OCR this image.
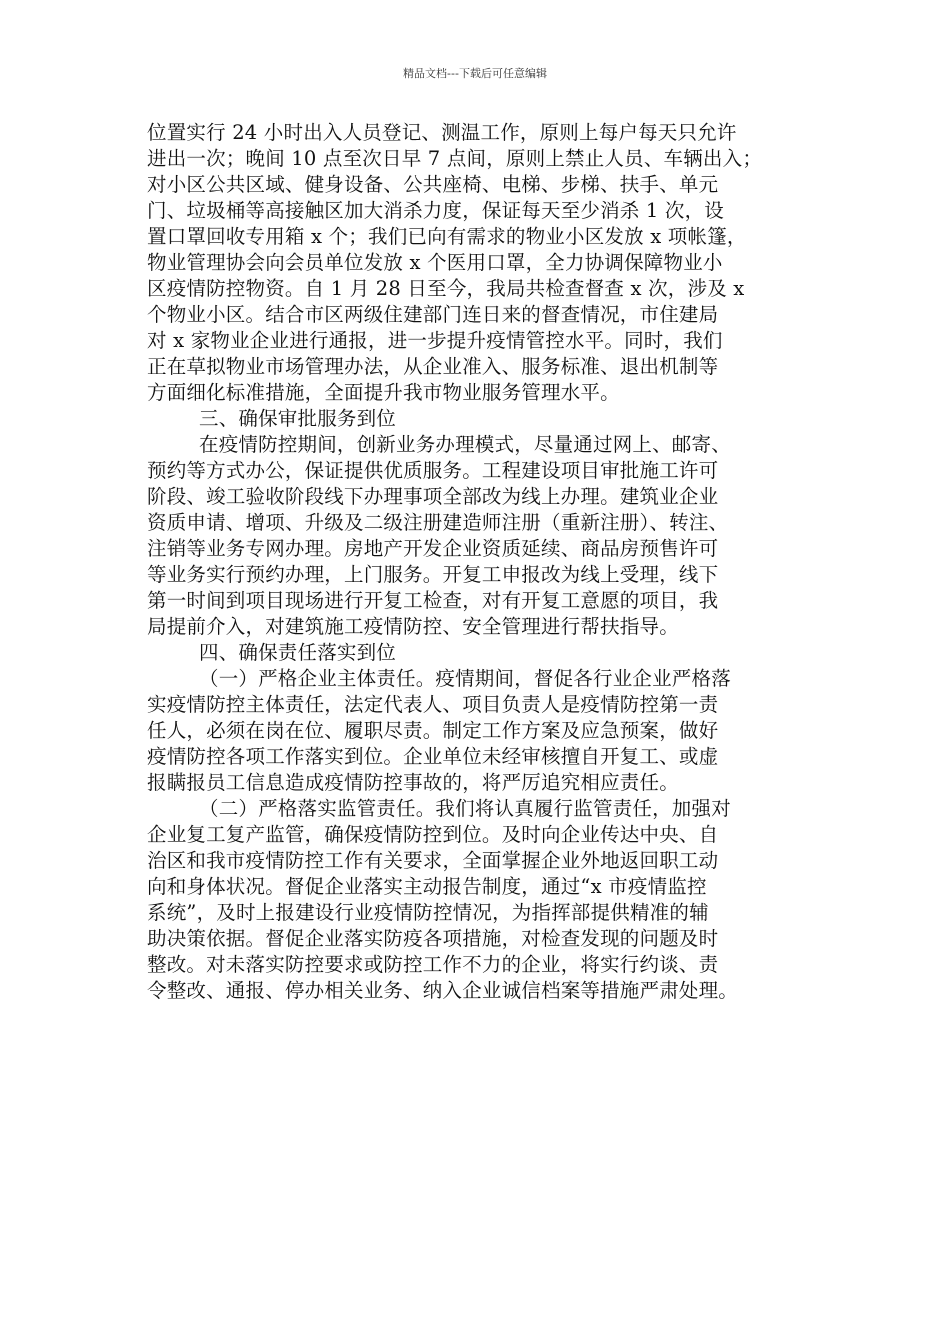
精品文档---下载后可任意编辑
位置实行 24 小时出入人员登记、测温工作，原则上每户每天只允许
进出一次；晚间 10 点至次日早 7 点间，原则上禁止人员、车辆出入；
对小区公共区域、健身设备、公共座椅、电梯、步梯、扶手、单元
门、垃圾桶等高接触区加大消杀力度，保证每天至少消杀 1 次，设
置口罩回收专用箱 x 个；我们已向有需求的物业小区发放 x 项帐篷，
物业管理协会向会员单位发放 x 个医用口罩，全力协调保障物业小
区疫情防控物资。自 1 月 28 日至今，我局共检查督查 x 次，涉及 x
个物业小区。结合市区两级住建部门连日来的督查情况，市住建局
对 x 家物业企业进行通报，进一步提升疫情管控水平。同时，我们
正在草拟物业市场管理办法，从企业准入、服务标准、退出机制等
方面细化标准措施，全面提升我市物业服务管理水平。
三、确保审批服务到位
在疫情防控期间，创新业务办理模式，尽量通过网上、邮寄、
预约等方式办公，保证提供优质服务。工程建设项目审批施工许可
阶段、竣工验收阶段线下办理事项全部改为线上办理。建筑业企业
资质申请、增项、升级及二级注册建造师注册（重新注册）、转注、
注销等业务专网办理。房地产开发企业资质延续、商品房预售许可
等业务实行预约办理，上门服务。开复工申报改为线上受理，线下
第一时间到项目现场进行开复工检查，对有开复工意愿的项目，我
局提前介入，对建筑施工疫情防控、安全管理进行帮扶指导。
四、确保责任落实到位
（一）严格企业主体责任。疫情期间，督促各行业企业严格落
实疫情防控主体责任，法定代表人、项目负责人是疫情防控第一责
任人，必须在岗在位、履职尽责。制定工作方案及应急预案，做好
疫情防控各项工作落实到位。企业单位未经审核擅自开复工、或虚
报瞒报员工信息造成疫情防控事故的，将严厉追究相应责任。
（二）严格落实监管责任。我们将认真履行监管责任，加强对
企业复工复产监管，确保疫情防控到位。及时向企业传达中央、自
治区和我市疫情防控工作有关要求，全面掌握企业外地返回职工动
向和身体状况。督促企业落实主动报告制度，通过“x 市疫情监控
系统”，及时上报建设行业疫情防控情况，为指挥部提供精准的辅
助决策依据。督促企业落实防疫各项措施，对检查发现的问题及时
整改。对未落实防控要求或防控工作不力的企业，将实行约谈、责
令整改、通报、停办相关业务、纳入企业诚信档案等措施严肃处理。
